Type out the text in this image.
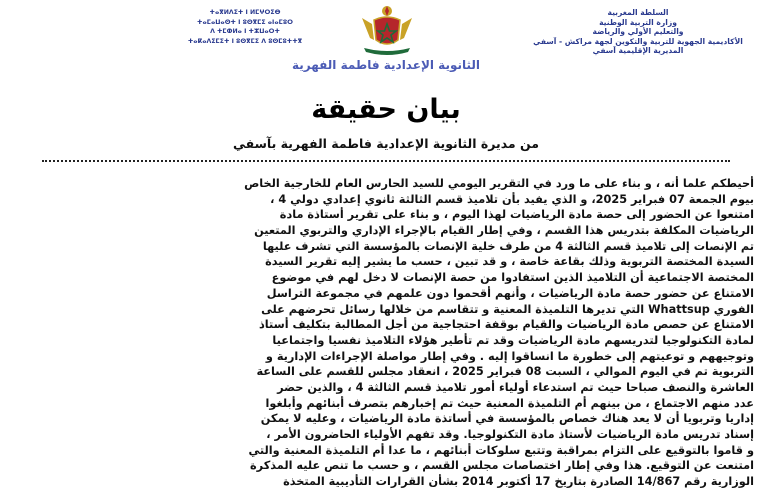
السلطة المغربية
وزارة التربية الوطنية
والتعليم الأولي والرياضة
الأكاديمية الجهوية للتربية والتكوين لجهة مراكش - آسفي
المديرية الإقليمية آسفي
ⵜⴰⴳⵍⴷⵉⵜ ⵏ ⵍⵎⵖⵔⵉⴱ
ⵜⴰⵎⴰⵡⴰⵙⵜ ⵏ ⵓⵙⴳⵎⵉ ⴰⵏⴰⵎⵓⵔ
ⴷ ⵜⵎⵀⵍⴰ ⵏ ⵜⵣⵡⴰⵔⵜ
ⵜⴰⴽⴰⴷⵉⵎⵉⵜ ⵏ ⵓⵙⴳⵎⵉ ⴷ ⵓⵙⵎⵓⵜⵜⴳ
الثانوية الإعدادية فاطمة الفهرية
بيان حقيقة
من مديرة الثانوية الإعدادية فاطمة الفهرية بآسفي
أحيطكم علما أنه ، و بناء على ما ورد في التقرير اليومي للسيد الحارس العام للخارجية الخاص
بيوم الجمعة 07 فبراير 2025، و الذي يفيد بأن تلاميذ قسم الثالثة ثانوي إعدادي دولي 4 ،
امتنعوا عن الحضور إلى حصة مادة الرياضيات لهذا اليوم ، و بناء على تقرير أستاذة مادة
الرياضيات المكلفة بتدريس هذا القسم ، وفي إطار القيام بالإجراء الإداري والتربوي المتعين
تم الإنصات إلى تلاميذ قسم الثالثة 4 من طرف خلية الإنصات بالمؤسسة التي تشرف عليها
السيدة المختصة التربوية وذلك بقاعة خاصة ، و قد تبين ، حسب ما يشير إليه تقرير السيدة
المختصة الاجتماعية أن التلاميذ الذين استفادوا من حصة الإنصات لا دخل لهم في موضوع
الامتناع عن حضور حصة مادة الرياضيات ، وأنهم أقحموا دون علمهم في مجموعة التراسل
الفوري Whattsup التي تديرها التلميذة المعنية و تتقاسم من خلالها رسائل تحرضهم على
الامتناع عن حصص مادة الرياضيات والقيام بوقفة احتجاجية من أجل المطالبة بتكليف أستاذ
لمادة التكنولوجيا لتدريسهم مادة الرياضيات وقد تم تأطير هؤلاء التلاميذ نفسيا واجتماعيا
وتوجيههم و توعيتهم إلى خطورة ما انساقوا إليه . وفي إطار مواصلة الإجراءات الإدارية و
التربوية تم في اليوم الموالي ، السبت 08 فبراير 2025 ، انعقاد مجلس للقسم على الساعة
العاشرة والنصف صباحا حيث تم استدعاء أولياء أمور تلاميذ قسم الثالثة 4 ، والذين حضر
عدد منهم الاجتماع ، من بينهم أم التلميذة المعنية حيث تم إخبارهم بتصرف أبنائهم وأبلغوا
إداريا وتربويا أن لا يعد هناك خصاص بالمؤسسة في أساتذة مادة الرياضيات ، وعليه لا يمكن
إسناد تدريس مادة الرياضيات لأستاذ مادة التكنولوجيا. وقد تفهم الأولياء الحاضرون الأمر ،
و قاموا بالتوقيع على التزام بمراقبة وتتبع سلوكات أبنائهم ، ما عدا أم التلميذة المعنية والتي
امتنعت عن التوقيع. هذا وفي إطار اختصاصات مجلس القسم ، و حسب ما تنص عليه المذكرة
الوزارية رقم 14/867 الصادرة بتاريخ 17 أكتوبر 2014 بشأن القرارات التأديبية المتخذة
